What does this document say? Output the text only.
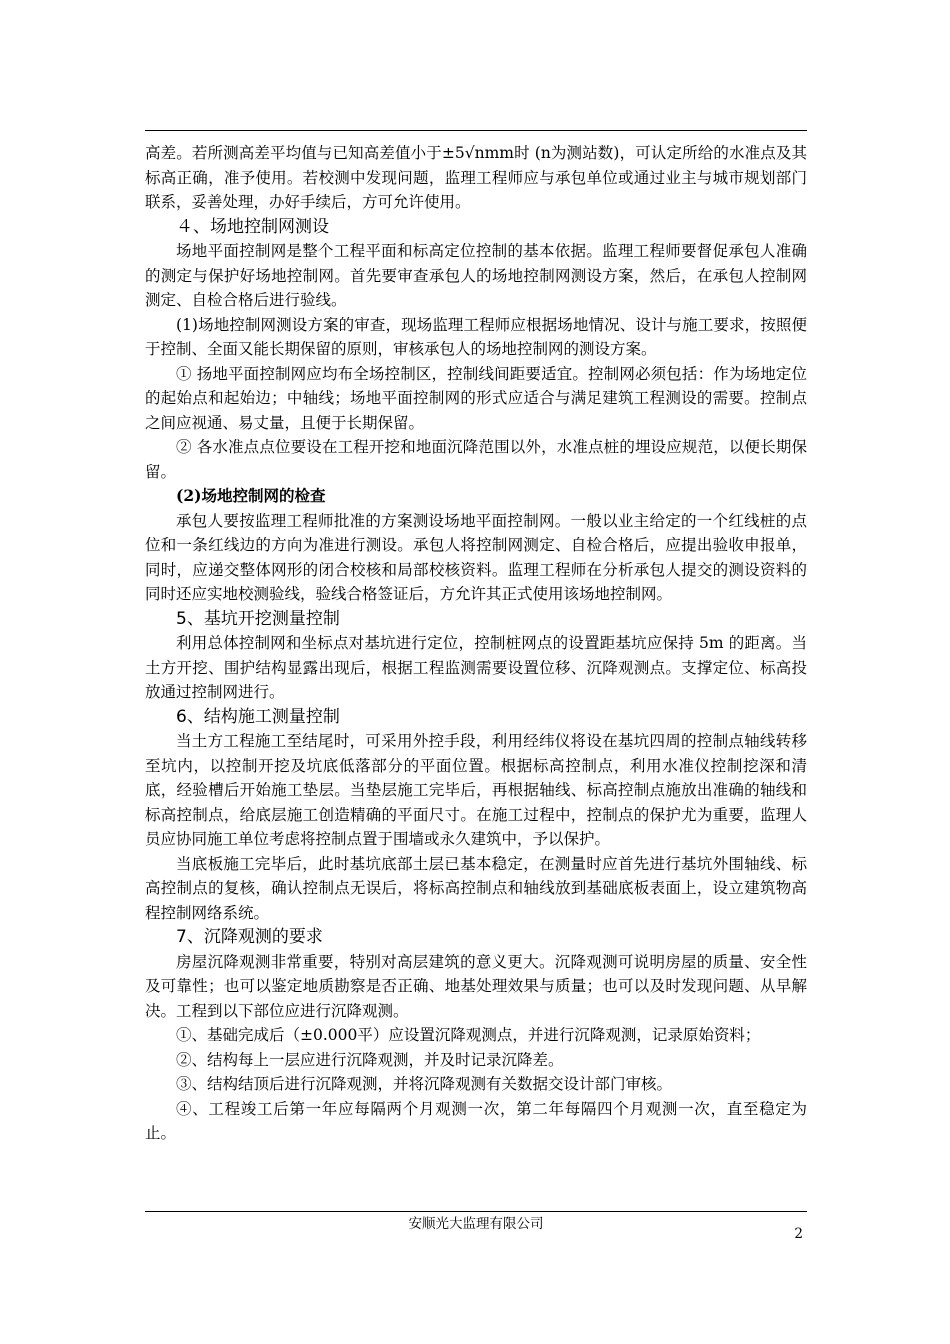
高差。若所测高差平均值与已知高差值小于±5√nmm时 (n为测站数)，可认定所给的水准点及其标高正确，准予使用。若校测中发现问题，监理工程师应与承包单位或通过业主与城市规划部门联系，妥善处理，办好手续后，方可允许使用。

４、场地控制网测设

场地平面控制网是整个工程平面和标高定位控制的基本依据。监理工程师要督促承包人准确的测定与保护好场地控制网。首先要审查承包人的场地控制网测设方案，然后，在承包人控制网测定、自检合格后进行验线。

(1)场地控制网测设方案的审查，现场监理工程师应根据场地情况、设计与施工要求，按照便于控制、全面又能长期保留的原则，审核承包人的场地控制网的测设方案。

① 扬地平面控制网应均布全场控制区，控制线间距要适宜。控制网必须包括：作为场地定位的起始点和起始边；中轴线；场地平面控制网的形式应适合与满足建筑工程测设的需要。控制点之间应视通、易丈量，且便于长期保留。

② 各水准点点位要设在工程开挖和地面沉降范围以外，水准点桩的埋设应规范，以便长期保留。

(2)场地控制网的检查

承包人要按监理工程师批准的方案测设场地平面控制网。一般以业主给定的一个红线桩的点位和一条红线边的方向为准进行测设。承包人将控制网测定、自检合格后，应提出验收申报单，同时，应递交整体网形的闭合校核和局部校核资料。监理工程师在分析承包人提交的测设资料的同时还应实地校测验线，验线合格签证后，方允许其正式使用该场地控制网。

5、基坑开挖测量控制

利用总体控制网和坐标点对基坑进行定位，控制桩网点的设置距基坑应保持 5m 的距离。当土方开挖、围护结构显露出现后，根据工程监测需要设置位移、沉降观测点。支撑定位、标高投放通过控制网进行。

6、结构施工测量控制

当土方工程施工至结尾时，可采用外控手段，利用经纬仪将设在基坑四周的控制点轴线转移至坑内，以控制开挖及坑底低落部分的平面位置。根据标高控制点，利用水准仪控制挖深和清底，经验槽后开始施工垫层。当垫层施工完毕后，再根据轴线、标高控制点施放出准确的轴线和标高控制点，给底层施工创造精确的平面尺寸。在施工过程中，控制点的保护尤为重要，监理人员应协同施工单位考虑将控制点置于围墙或永久建筑中，予以保护。

当底板施工完毕后，此时基坑底部土层已基本稳定，在测量时应首先进行基坑外围轴线、标高控制点的复核，确认控制点无误后，将标高控制点和轴线放到基础底板表面上，设立建筑物高程控制网络系统。

7、沉降观测的要求

房屋沉降观测非常重要，特别对高层建筑的意义更大。沉降观测可说明房屋的质量、安全性及可靠性；也可以鉴定地质勘察是否正确、地基处理效果与质量；也可以及时发现问题、从早解决。工程到以下部位应进行沉降观测。

①、基础完成后（±0.000平）应设置沉降观测点，并进行沉降观测，记录原始资料；

②、结构每上一层应进行沉降观测，并及时记录沉降差。

③、结构结顶后进行沉降观测，并将沉降观测有关数据交设计部门审核。

④、工程竣工后第一年应每隔两个月观测一次，第二年每隔四个月观测一次，直至稳定为止。

安顺光大监理有限公司
2
